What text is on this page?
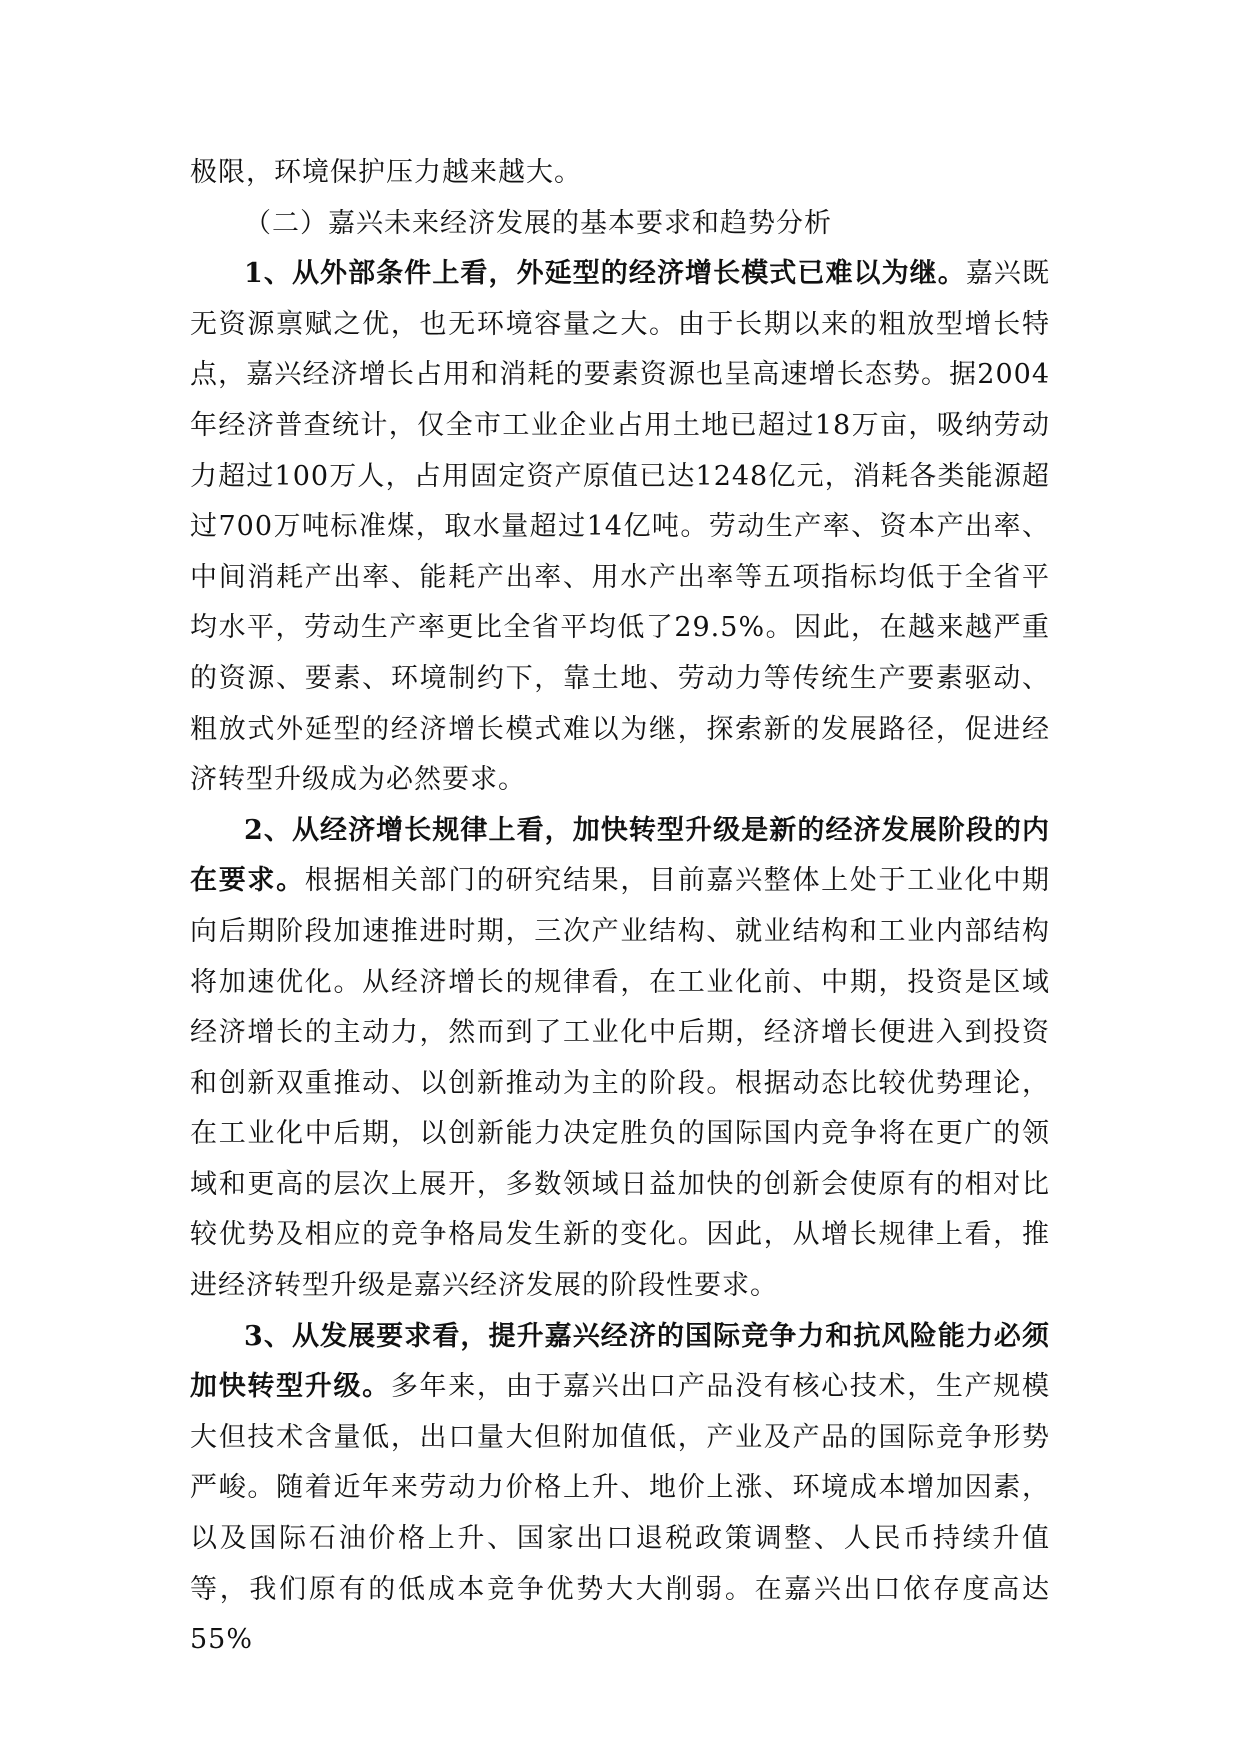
极限，环境保护压力越来越大。

（二）嘉兴未来经济发展的基本要求和趋势分析

1、从外部条件上看，外延型的经济增长模式已难以为继。嘉兴既无资源禀赋之优，也无环境容量之大。由于长期以来的粗放型增长特点，嘉兴经济增长占用和消耗的要素资源也呈高速增长态势。据2004年经济普查统计，仅全市工业企业占用土地已超过18万亩，吸纳劳动力超过100万人，占用固定资产原值已达1248亿元，消耗各类能源超过700万吨标准煤，取水量超过14亿吨。劳动生产率、资本产出率、中间消耗产出率、能耗产出率、用水产出率等五项指标均低于全省平均水平，劳动生产率更比全省平均低了29.5%。因此，在越来越严重的资源、要素、环境制约下，靠土地、劳动力等传统生产要素驱动、粗放式外延型的经济增长模式难以为继，探索新的发展路径，促进经济转型升级成为必然要求。

2、从经济增长规律上看，加快转型升级是新的经济发展阶段的内在要求。根据相关部门的研究结果，目前嘉兴整体上处于工业化中期向后期阶段加速推进时期，三次产业结构、就业结构和工业内部结构将加速优化。从经济增长的规律看，在工业化前、中期，投资是区域经济增长的主动力，然而到了工业化中后期，经济增长便进入到投资和创新双重推动、以创新推动为主的阶段。根据动态比较优势理论，在工业化中后期，以创新能力决定胜负的国际国内竞争将在更广的领域和更高的层次上展开，多数领域日益加快的创新会使原有的相对比较优势及相应的竞争格局发生新的变化。因此，从增长规律上看，推进经济转型升级是嘉兴经济发展的阶段性要求。

3、从发展要求看，提升嘉兴经济的国际竞争力和抗风险能力必须加快转型升级。多年来，由于嘉兴出口产品没有核心技术，生产规模大但技术含量低，出口量大但附加值低，产业及产品的国际竞争形势严峻。随着近年来劳动力价格上升、地价上涨、环境成本增加因素，以及国际石油价格上升、国家出口退税政策调整、人民币持续升值等，我们原有的低成本竞争优势大大削弱。在嘉兴出口依存度高达55%
